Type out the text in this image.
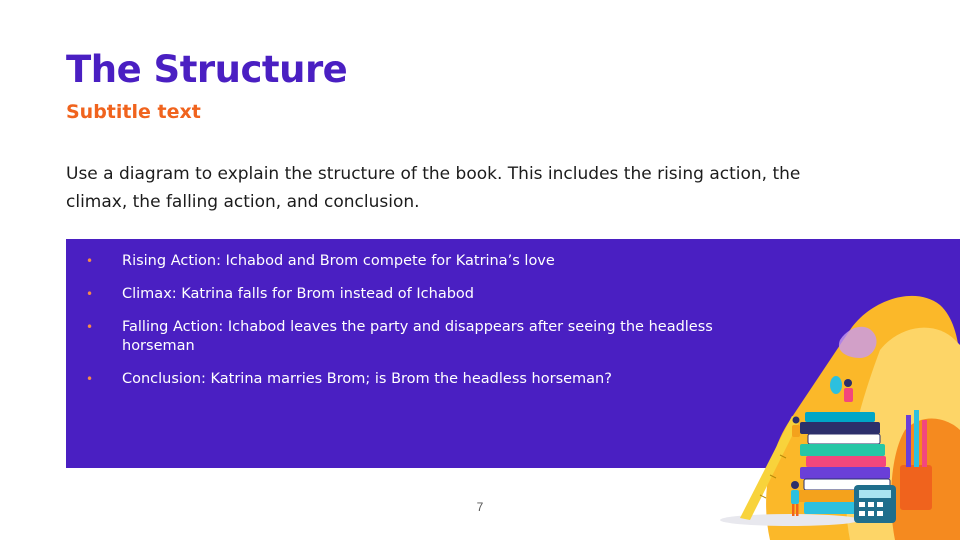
The Structure
Subtitle text

Use a diagram to explain the structure of the book. This includes the rising action, the climax, the falling action, and conclusion.

• Rising Action: Ichabod and Brom compete for Katrina’s love
• Climax: Katrina falls for Brom instead of Ichabod
• Falling Action: Ichabod leaves the party and disappears after seeing the headless horseman
• Conclusion: Katrina marries Brom; is Brom the headless horseman?
7
